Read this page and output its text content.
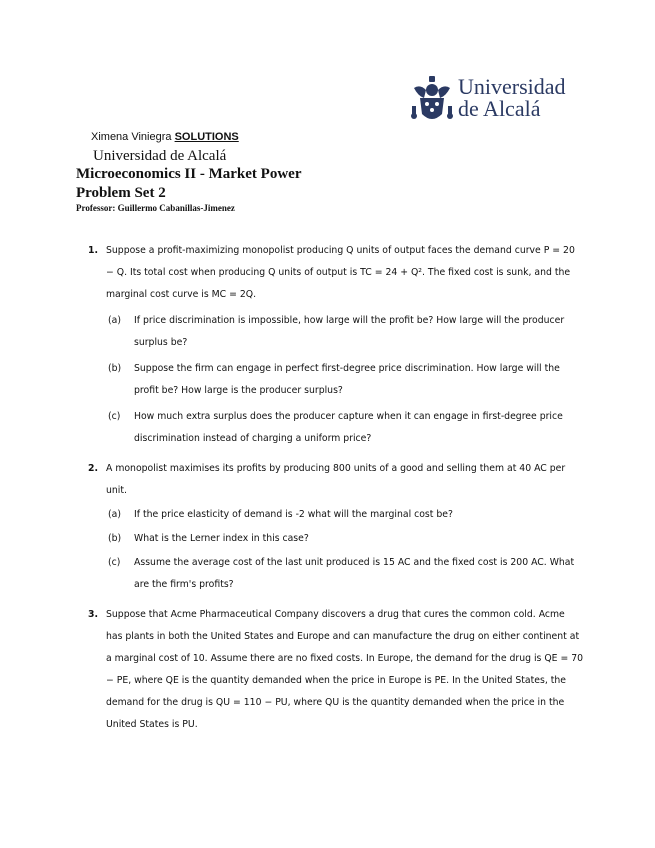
Universidad
de Alcalá
Ximena Viniegra SOLUTIONS
Universidad de Alcalá
Microeconomics II - Market Power
Problem Set 2
Professor: Guillermo Cabanillas-Jimenez
1. Suppose a profit-maximizing monopolist producing Q units of output faces the demand curve P = 20 − Q. Its total cost when producing Q units of output is TC = 24 + Q². The fixed cost is sunk, and the marginal cost curve is MC = 2Q.
(a)	If price discrimination is impossible, how large will the profit be? How large will the producer surplus be?
(b)	Suppose the firm can engage in perfect first-degree price discrimination. How large will the profit be? How large is the producer surplus?
(c)	How much extra surplus does the producer capture when it can engage in first-degree price discrimination instead of charging a uniform price?
2. A monopolist maximises its profits by producing 800 units of a good and selling them at 40 AC per unit.
(a)	If the price elasticity of demand is -2 what will the marginal cost be?
(b)	What is the Lerner index in this case?
(c)	Assume the average cost of the last unit produced is 15 AC and the fixed cost is 200 AC. What are the firm's profits?
3. Suppose that Acme Pharmaceutical Company discovers a drug that cures the common cold. Acme has plants in both the United States and Europe and can manufacture the drug on either continent at a marginal cost of 10. Assume there are no fixed costs. In Europe, the demand for the drug is QE = 70 − PE, where QE is the quantity demanded when the price in Europe is PE. In the United States, the demand for the drug is QU = 110 − PU, where QU is the quantity demanded when the price in the United States is PU.
